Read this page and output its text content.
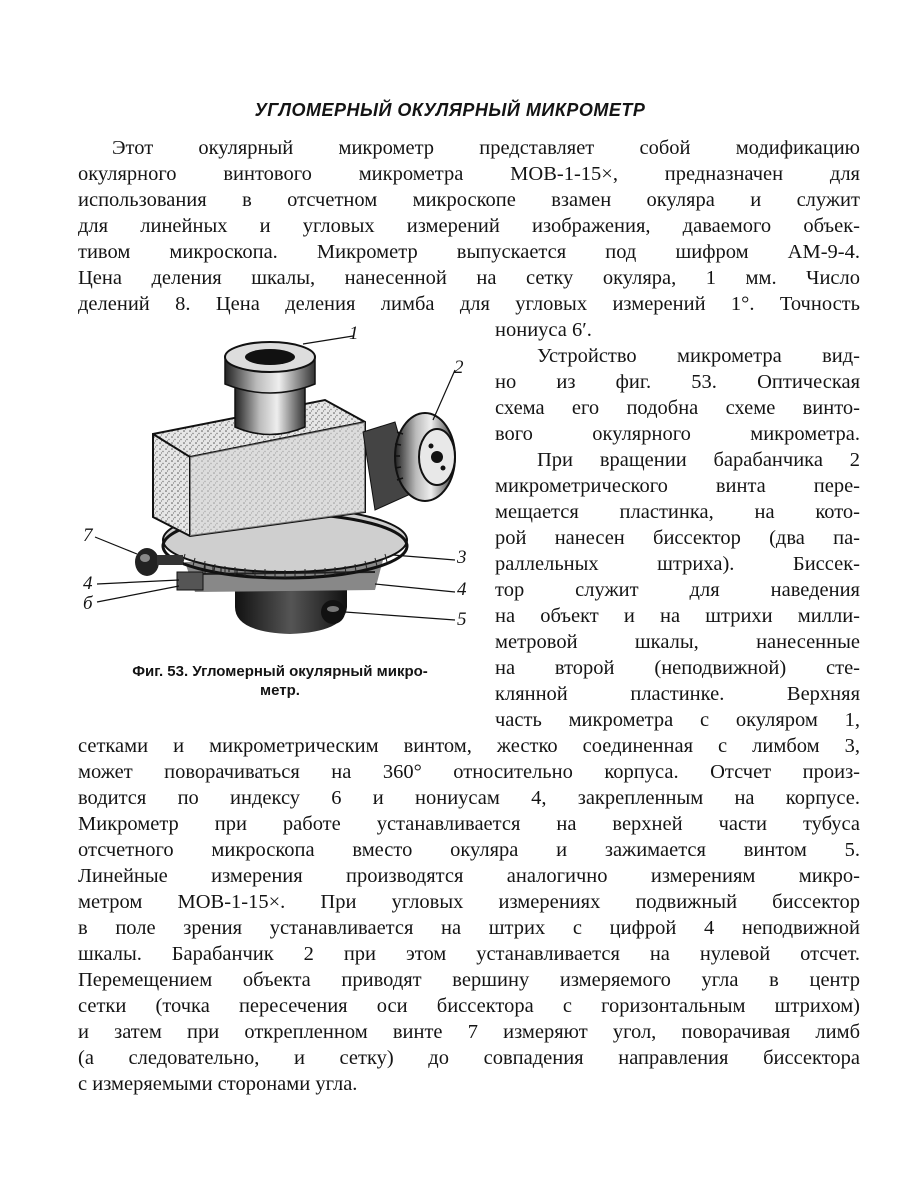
УГЛОМЕРНЫЙ ОКУЛЯРНЫЙ МИКРОМЕТР

Этот окулярный микрометр представляет собой модификацию

окулярного винтового микрометра МОВ-1-15×, предназначен для

использования в отсчетном микроскопе взамен окуляра и служит

для линейных и угловых измерений изображения, даваемого объек-

тивом микроскопа. Микрометр выпускается под шифром АМ-9-4.

Цена деления шкалы, нанесенной на сетку окуляра, 1 мм. Число

делений 8. Цена деления лимба для угловых измерений 1°. Точность

нониуса 6′.

Устройство микрометра вид-

но из фиг. 53. Оптическая

схема его подобна схеме винто-

вого окулярного микрометра.

При вращении барабанчика 2

микрометрического винта пере-

мещается пластинка, на кото-

рой нанесен биссектор (два па-

раллельных штриха). Биссек-

тор служит для наведения

на объект и на штрихи милли-

метровой шкалы, нанесенные

на второй (неподвижной) сте-

клянной пластинке. Верхняя

часть микрометра с окуляром 1,

сетками и микрометрическим винтом, жестко соединенная с лимбом 3,

может поворачиваться на 360° относительно корпуса. Отсчет произ-

водится по индексу 6 и нониусам 4, закрепленным на корпусе.

Микрометр при работе устанавливается на верхней части тубуса

отсчетного микроскопа вместо окуляра и зажимается винтом 5.

Линейные измерения производятся аналогично измерениям микро-

метром МОВ-1-15×. При угловых измерениях подвижный биссектор

в поле зрения устанавливается на штрих с цифрой 4 неподвижной

шкалы. Барабанчик 2 при этом устанавливается на нулевой отсчет.

Перемещением объекта приводят вершину измеряемого угла в центр

сетки (точка пересечения оси биссектора с горизонтальным штрихом)

и затем при открепленном винте 7 измеряют угол, поворачивая лимб

(а следовательно, и сетку) до совпадения направления биссектора

с измеряемыми сторонами угла.

1
2
3
4
5
7
4
б
Фиг. 53. Угломерный окулярный микро-
метр.
